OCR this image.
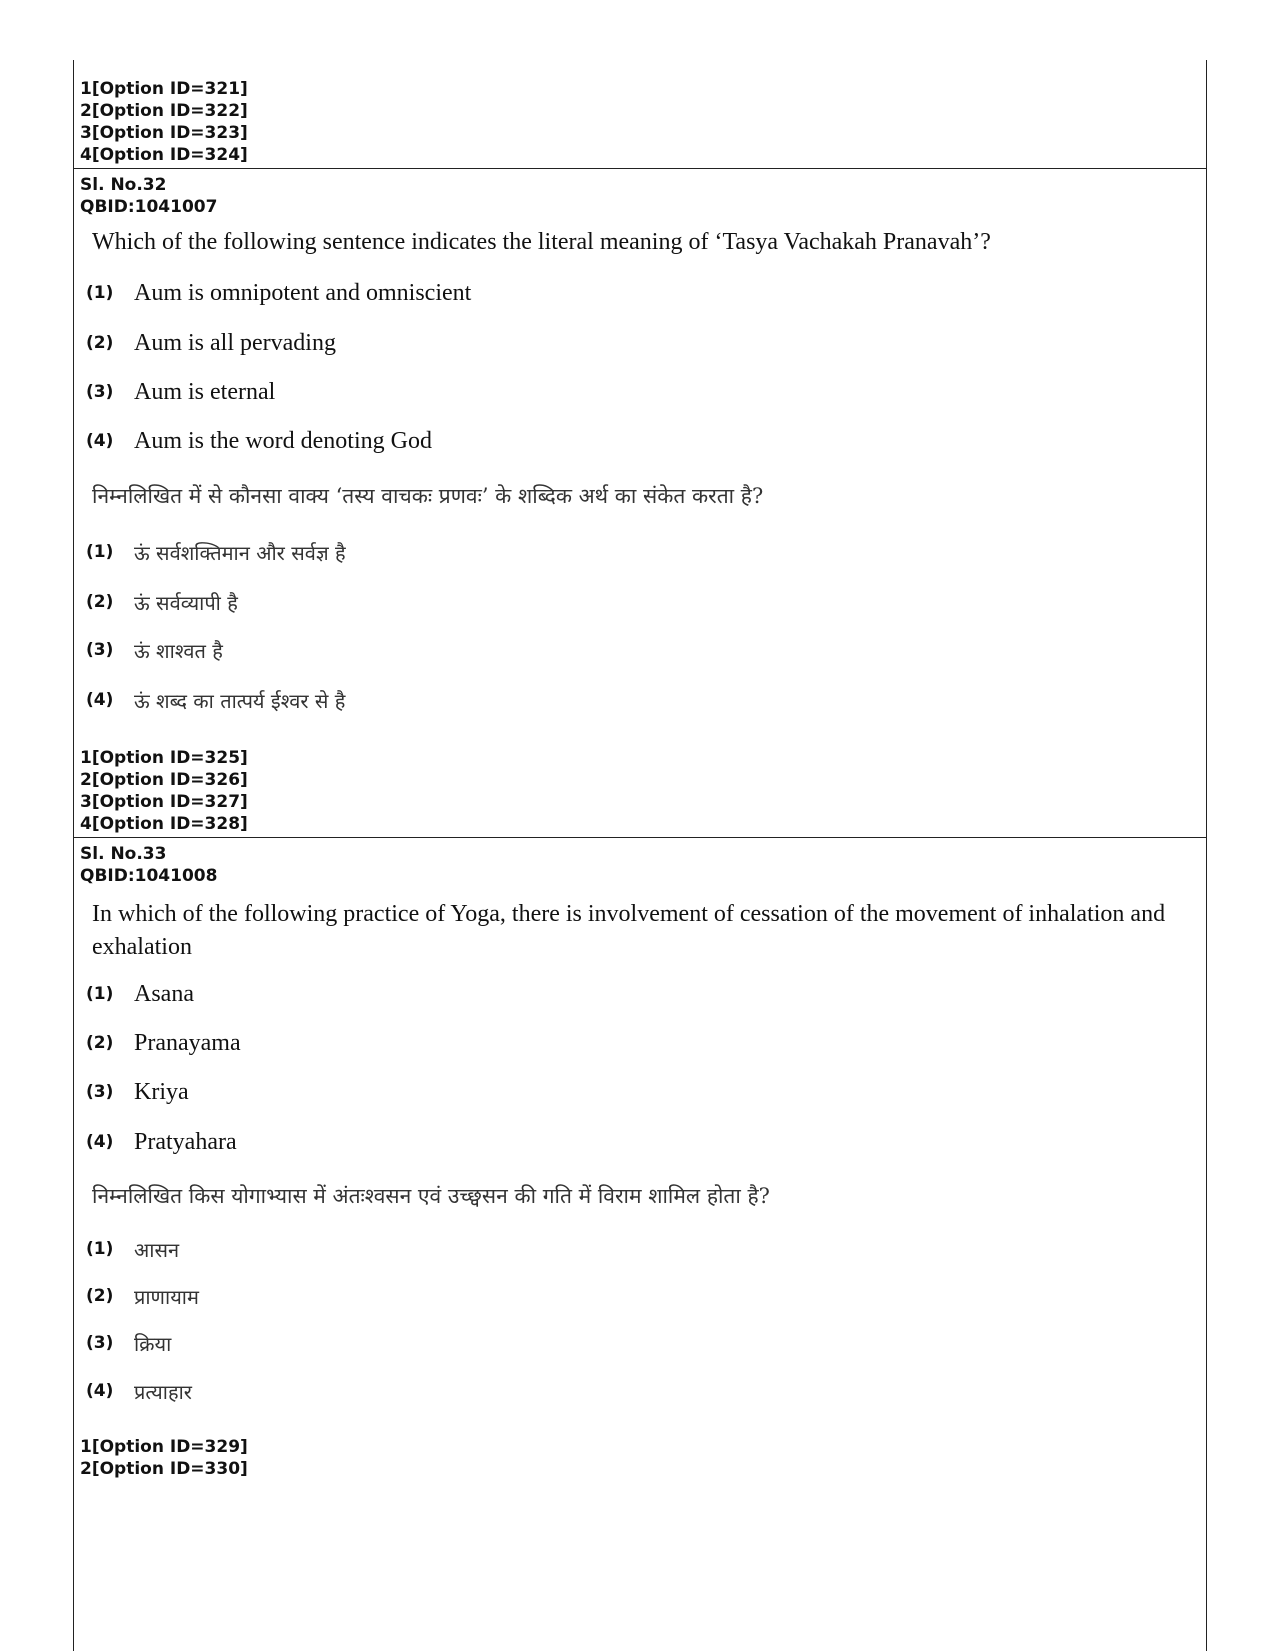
1[Option ID=321]
2[Option ID=322]
3[Option ID=323]
4[Option ID=324]
Sl. No.32
QBID:1041007
Which of the following sentence indicates the literal meaning of ‘Tasya Vachakah Pranavah’?
(1) Aum is omnipotent and omniscient
(2) Aum is all pervading
(3) Aum is eternal
(4) Aum is the word denoting God
निम्नलिखित में से कौनसा वाक्य ‘तस्य वाचकः प्रणवः’ के शब्दिक अर्थ का संकेत करता है?
(1)	ऊं सर्वशक्तिमान और सर्वज्ञ है
(2)	ऊं सर्वव्यापी है
(3)	ऊं शाश्वत है
(4)	ऊं शब्द का तात्पर्य ईश्वर से है
1[Option ID=325]
2[Option ID=326]
3[Option ID=327]
4[Option ID=328]
Sl. No.33
QBID:1041008
In which of the following practice of Yoga, there is involvement of cessation of the movement of inhalation and exhalation
(1) Asana
(2) Pranayama
(3) Kriya
(4) Pratyahara
निम्नलिखित किस योगाभ्यास में अंतःश्वसन एवं उच्छ्वसन की गति में विराम शामिल होता है?
(1)	आसन
(2)	प्राणायाम
(3)	क्रिया
(4)	प्रत्याहार
1[Option ID=329]
2[Option ID=330]
